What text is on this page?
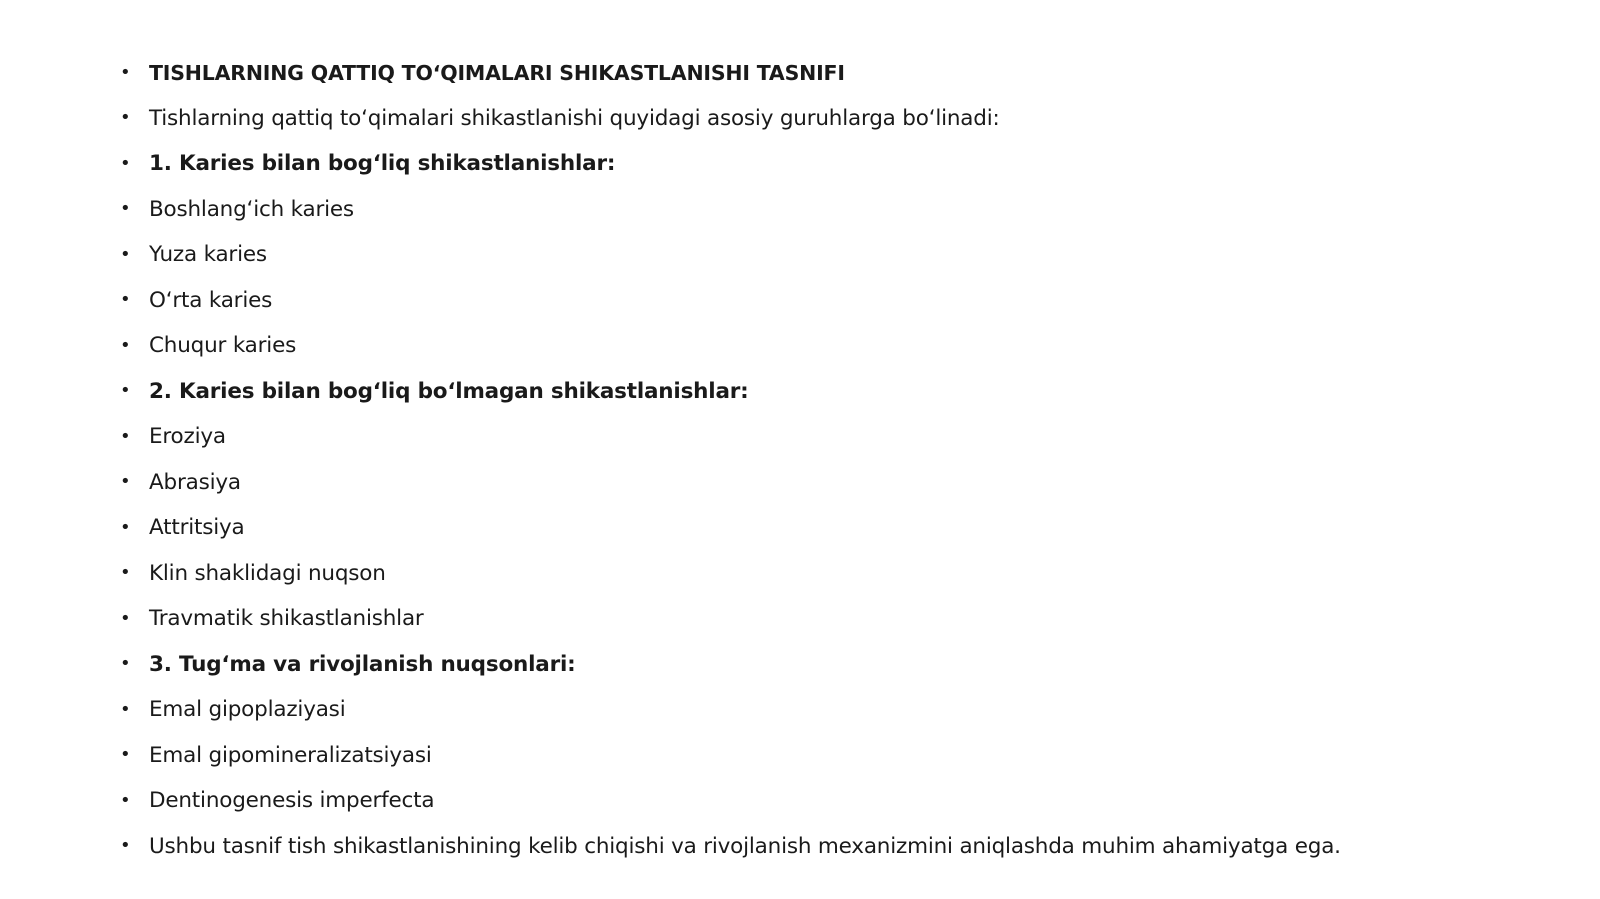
• TISHLARNING QATTIQ TOʻQIMALARI SHIKASTLANISHI TASNIFI
• Tishlarning qattiq toʻqimalari shikastlanishi quyidagi asosiy guruhlarga boʻlinadi:
• 1. Karies bilan bogʻliq shikastlanishlar:
• Boshlangʻich karies
• Yuza karies
• Oʻrta karies
• Chuqur karies
• 2. Karies bilan bogʻliq boʻlmagan shikastlanishlar:
• Eroziya
• Abrasiya
• Attritsiya
• Klin shaklidagi nuqson
• Travmatik shikastlanishlar
• 3. Tugʻma va rivojlanish nuqsonlari:
• Emal gipoplaziyasi
• Emal gipomineralizatsiyasi
• Dentinogenesis imperfecta
• Ushbu tasnif tish shikastlanishining kelib chiqishi va rivojlanish mexanizmini aniqlashda muhim ahamiyatga ega.
